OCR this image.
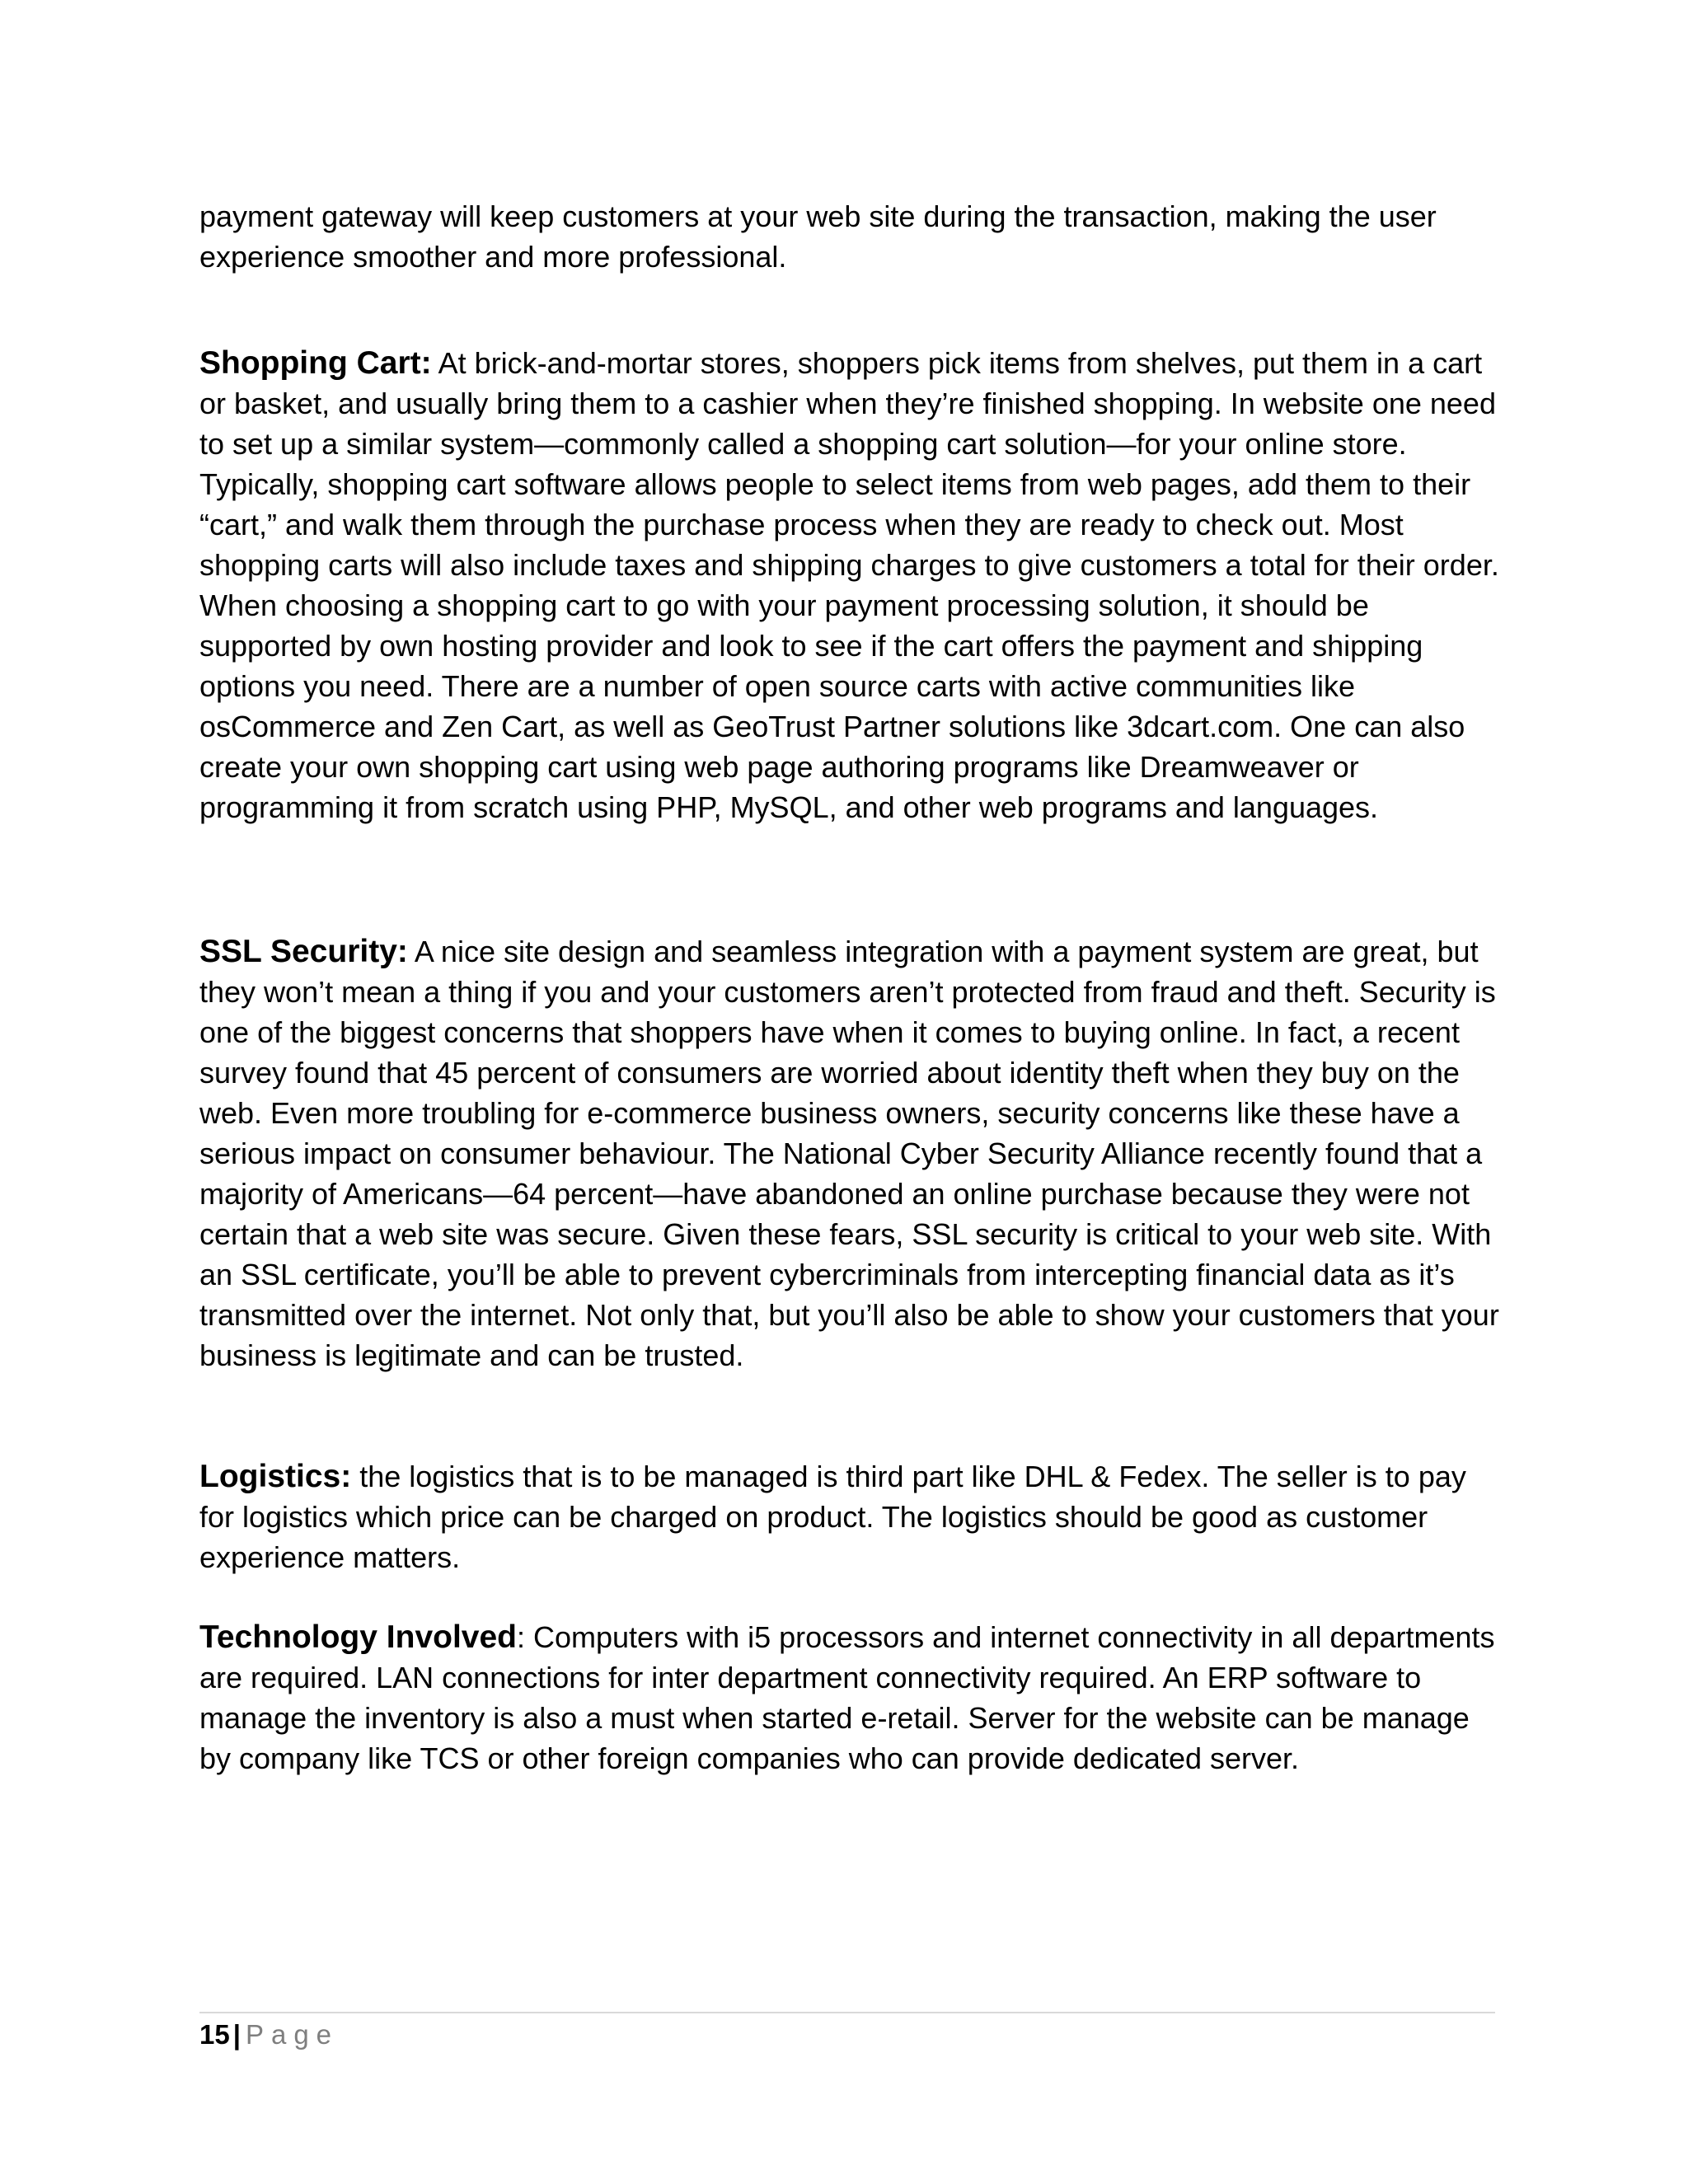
payment gateway will keep customers at your web site during the transaction, making the user experience smoother and more professional.

Shopping Cart: At brick-and-mortar stores, shoppers pick items from shelves, put them in a cart or basket, and usually bring them to a cashier when they’re finished shopping. In website one need to set up a similar system—commonly called a shopping cart solution—for your online store. Typically, shopping cart software allows people to select items from web pages, add them to their “cart,” and walk them through the purchase process when they are ready to check out. Most shopping carts will also include taxes and shipping charges to give customers a total for their order.

When choosing a shopping cart to go with your payment processing solution, it should be supported by own hosting provider and look to see if the cart offers the payment and shipping options you need. There are a number of open source carts with active communities like osCommerce and Zen Cart, as well as GeoTrust Partner solutions like 3dcart.com. One can also create your own shopping cart using web page authoring programs like Dreamweaver or programming it from scratch using PHP, MySQL, and other web programs and languages.

SSL Security: A nice site design and seamless integration with a payment system are great, but they won’t mean a thing if you and your customers aren’t protected from fraud and theft. Security is one of the biggest concerns that shoppers have when it comes to buying online. In fact, a recent survey found that 45 percent of consumers are worried about identity theft when they buy on the web. Even more troubling for e-commerce business owners, security concerns like these have a serious impact on consumer behaviour. The National Cyber Security Alliance recently found that a majority of Americans—64 percent—have abandoned an online purchase because they were not certain that a web site was secure. Given these fears, SSL security is critical to your web site. With an SSL certificate, you’ll be able to prevent cybercriminals from intercepting financial data as it’s transmitted over the internet. Not only that, but you’ll also be able to show your customers that your business is legitimate and can be trusted.

Logistics: the logistics that is to be managed is third part like DHL & Fedex. The seller is to pay for logistics which price can be charged on product. The logistics should be good as customer experience matters.

Technology Involved: Computers with i5 processors and internet connectivity in all departments are required. LAN connections for inter department connectivity required. An ERP software to manage the inventory is also a must when started e-retail. Server for the website can be manage by company like TCS or other foreign companies who can provide dedicated server.

15 | Page
